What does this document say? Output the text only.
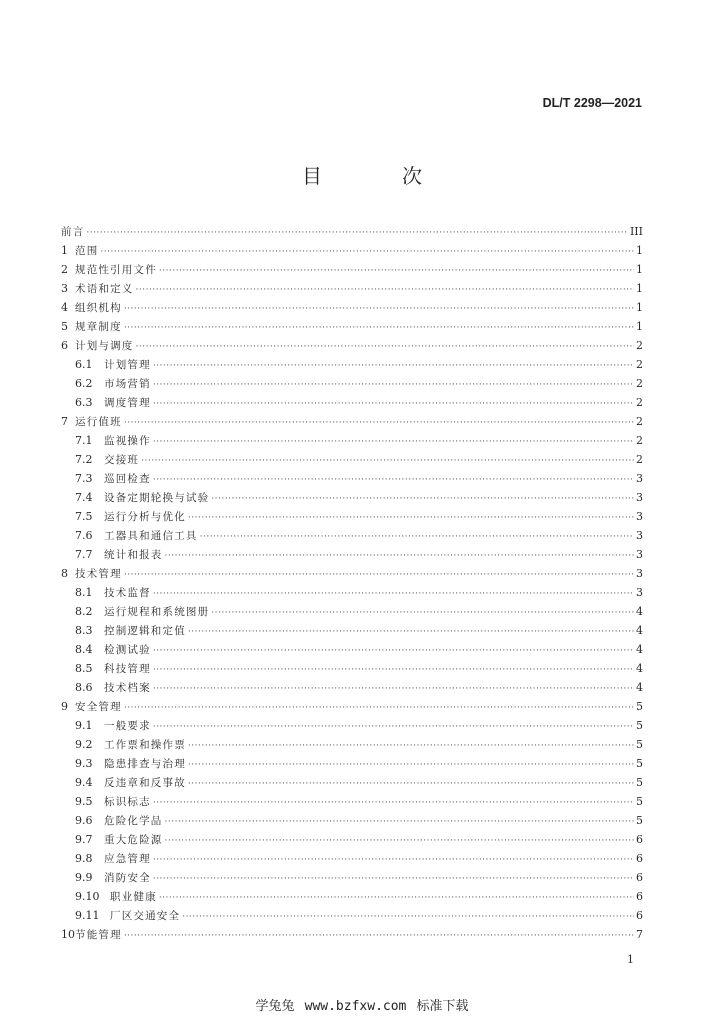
DL/T 2298—2021
目　次
前言 ·····	III
1 范围 ·····	1
2 规范性引用文件 ·····	1
3 术语和定义 ·····	1
4 组织机构 ·····	1
5 规章制度 ·····	1
6 计划与调度 ·····	2
6.1	计划管理 ·····	2
6.2	市场营销 ·····	2
6.3	调度管理 ·····	2
7 运行值班 ·····	2
7.1	监视操作 ·····	2
7.2	交接班 ·····	2
7.3	巡回检查 ·····	3
7.4	设备定期轮换与试验 ·····	3
7.5	运行分析与优化 ·····	3
7.6	工器具和通信工具 ·····	3
7.7	统计和报表 ·····	3
8 技术管理 ·····	3
8.1	技术监督 ·····	3
8.2	运行规程和系统图册 ·····	4
8.3	控制逻辑和定值 ·····	4
8.4	检测试验 ·····	4
8.5	科技管理 ·····	4
8.6	技术档案 ·····	4
9 安全管理 ·····	5
9.1	一般要求 ·····	5
9.2	工作票和操作票 ·····	5
9.3	隐患排查与治理 ·····	5
9.4	反违章和反事故 ·····	5
9.5	标识标志 ·····	5
9.6	危险化学品 ·····	5
9.7	重大危险源 ·····	6
9.8	应急管理 ·····	6
9.9	消防安全 ·····	6
9.10	职业健康 ·····	6
9.11	厂区交通安全 ·····	6
10 节能管理 ·····	7
1
学兔兔 www.bzfxw.com 标准下载
